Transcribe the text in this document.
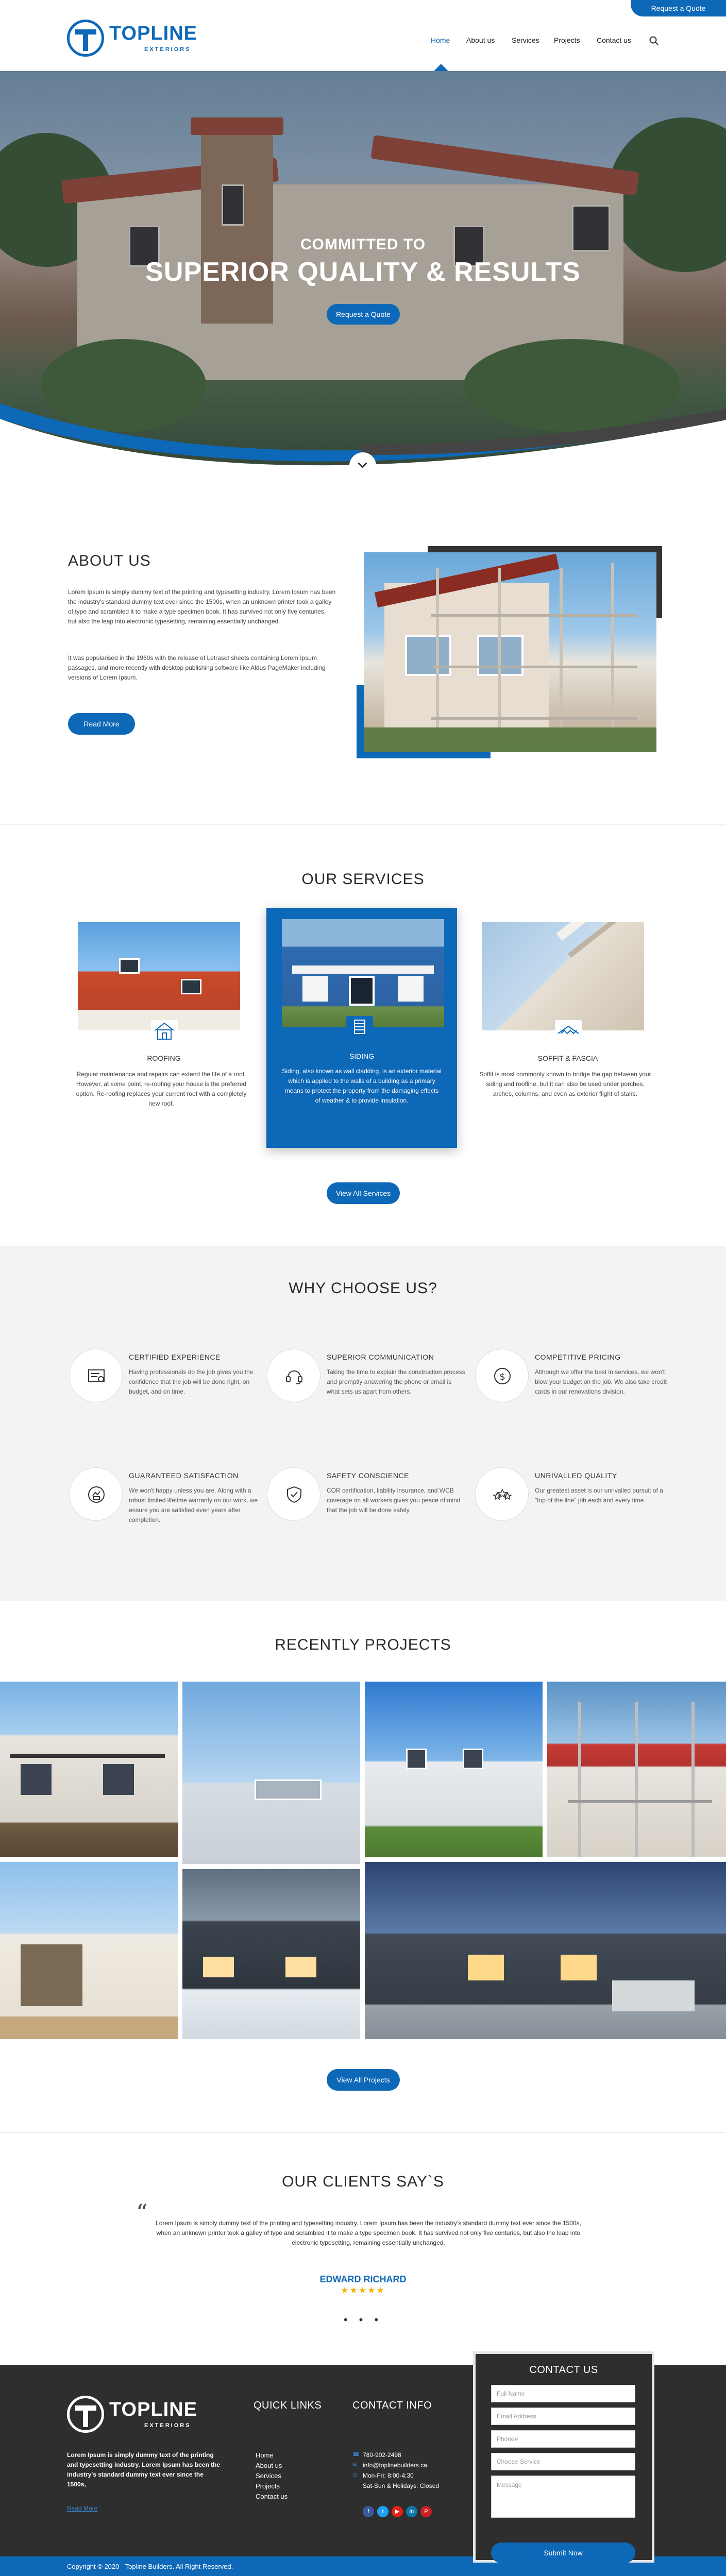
Request a Quote
TOPLINE
EXTERIORS
Home About us Services Projects Contact us
COMMITTED TO
SUPERIOR QUALITY & RESULTS
Request a Quote
ABOUT US
Lorem Ipsum is simply dummy text of the printing and typesetting industry. Lorem Ipsum has been the industry's standard dummy text ever since the 1500s, when an unknown printer took a galley of type and scrambled it to make a type specimen book. It has survived not only five centuries, but also the leap into electronic typesetting, remaining essentially unchanged.
It was popularised in the 1960s with the release of Letraset sheets containing Lorem Ipsum passages, and more recently with desktop publishing software like Aldus PageMaker including versions of Lorem Ipsum.
Read More
OUR SERVICES
ROOFING
Regular maintenance and repairs can extend the life of a roof. However, at some point, re-roofing your house is the preferred option. Re-roofing replaces your current roof with a completely new roof.
SIDING
Siding, also known as wall cladding, is an exterior material which is applied to the walls of a building as a primary means to protect the property from the damaging effects of weather & to provide insulation.
SOFFIT & FASCIA
Soffit is most commonly known to bridge the gap between your siding and roofline, but it can also be used under porches, arches, columns, and even as exterior flight of stairs.
View All Services
WHY CHOOSE US?
CERTIFIED EXPERIENCE
Having professionals do the job gives you the confidence that the job will be done right, on budget, and on time.
SUPERIOR COMMUNICATION
Taking the time to explain the construction process and promptly answering the phone or email is what sets us apart from others.
$
COMPETITIVE PRICING
Although we offer the best in services, we won't blow your budget on the job. We also take credit cards in our renovations division.
GUARANTEED SATISFACTION
We won't happy unless you are. Along with a robust limited lifetime warranty on our work, we ensure you are satisfied even years after completion.
SAFETY CONSCIENCE
COR certification, liability insurance, and WCB coverage on all workers gives you peace of mind that the job will be done safely.
UNRIVALLED QUALITY
Our greatest asset is our unrivalled pursuit of a "top of the line" job each and every time.
RECENTLY PROJECTS
View All Projects
OUR CLIENTS SAY`S
“ Lorem Ipsum is simply dummy text of the printing and typesetting industry. Lorem Ipsum has been the industry's standard dummy text ever since the 1500s, when an unknown printer took a galley of type and scrambled it to make a type specimen book. It has survived not only five centuries, but also the leap into electronic typesetting, remaining essentially unchanged.
EDWARD RICHARD
★★★★★
• • •
TOPLINE
EXTERIORS
Lorem Ipsum is simply dummy text of the printing and typesetting industry. Lorem Ipsum has been the industry's standard dummy text ever since the 1500s,
Read More
QUICK LINKS
Home
About us
Services
Projects
Contact us
CONTACT INFO
☎ 780-902-2498
✉ info@toplinebuilders.ca
◷ Mon-Fri: 8:00-4:30
Sat-Sun & Holidays: Closed
f	t	▶	in	P
Copyright © 2020 - Topline Builders. All Right Reserved.
CONTACT US
Full Name
Email Address
Phone#
Choose Service
Message
Submit Now
